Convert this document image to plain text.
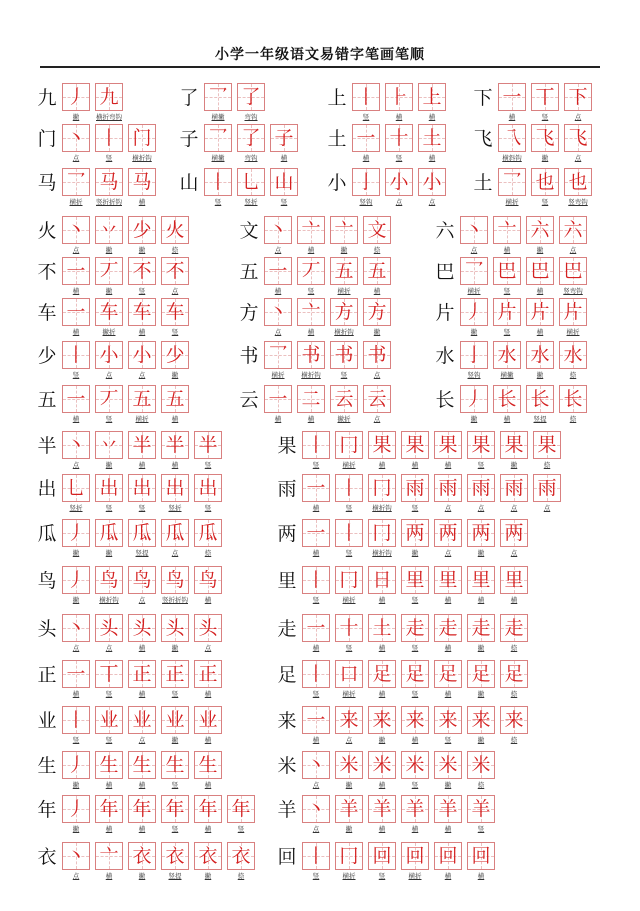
小学一年级语文易错字笔画笔顺
九 丿
撇
九
横折弯钩
了 乛
横撇
了
弯钩
上 丨
竖
⺊
横
上
横
下 一
横
丅
竖
下
点
门 丶
点
丨
竖
门
横折钩
子 乛
横撇
了
弯钩
子
横
土 一
横
十
竖
土
横
飞 乁
横斜钩
飞
撇
飞
点
马 乛
横折
马
竖折折钩
马
横
山 丨
竖
乚
竖折
山
竖
小 亅
竖钩
小
点
小
点
土 乛
横折
也
竖
也
竖弯钩
火 丶
点
丷
撇
少
撇
火
捺
文 丶
点
亠
横
亠
撇
文
捺
六 丶
点
亠
横
六
撇
六
点
不 一
横
丆
撇
不
竖
不
点
五 一
横
丆
竖
五
横折
五
横
巴 乛
横折
巴
竖
巴
横
巴
竖弯钩
车 一
横
车
撇折
车
横
车
竖
方 丶
点
亠
横
方
横折钩
方
撇
片 丿
撇
片
竖
片
横
片
横折
少 丨
竖
小
点
小
点
少
撇
书 乛
横折
书
横折钩
书
竖
书
点
水 亅
竖钩
水
横撇
水
撇
水
捺
五 一
横
丆
竖
五
横折
五
横
云 一
横
二
横
云
撇折
云
点
长 丿
撇
长
横
长
竖提
长
捺
半 丶
点
丷
撇
半
横
半
横
半
竖
果 丨
竖
冂
横折
果
横
果
横
果
横
果
竖
果
撇
果
捺
出 乚
竖折
出
竖
出
竖
出
竖折
出
竖
雨 一
横
丨
竖
冂
横折钩
雨
竖
雨
点
雨
点
雨
点
雨
点
瓜 丿
撇
瓜
撇
瓜
竖提
瓜
点
瓜
捺
两 一
横
丨
竖
冂
横折钩
两
撇
两
点
两
撇
两
点
鸟 丿
撇
鸟
横折钩
鸟
点
鸟
竖折折钩
鸟
横
里 丨
竖
冂
横折
日
横
里
竖
里
横
里
横
里
横
头 丶
点
头
点
头
横
头
撇
头
点
走 一
横
十
竖
土
横
走
竖
走
横
走
撇
走
捺
正 一
横
丅
竖
正
横
正
竖
正
横
足 丨
竖
口
横折
足
横
足
竖
足
横
足
撇
足
捺
业 丨
竖
业
竖
业
点
业
撇
业
横
来 一
横
来
点
来
撇
来
横
来
竖
来
撇
来
捺
生 丿
撇
生
横
生
横
生
竖
生
横
米 丶
点
米
撇
米
横
米
竖
米
撇
米
捺
年 丿
撇
年
横
年
横
年
竖
年
横
年
竖
羊 丶
点
羊
撇
羊
横
羊
横
羊
横
羊
竖
衣 丶
点
亠
横
衣
撇
衣
竖提
衣
撇
衣
捺
回 丨
竖
冂
横折
回
竖
回
横折
回
横
回
横
